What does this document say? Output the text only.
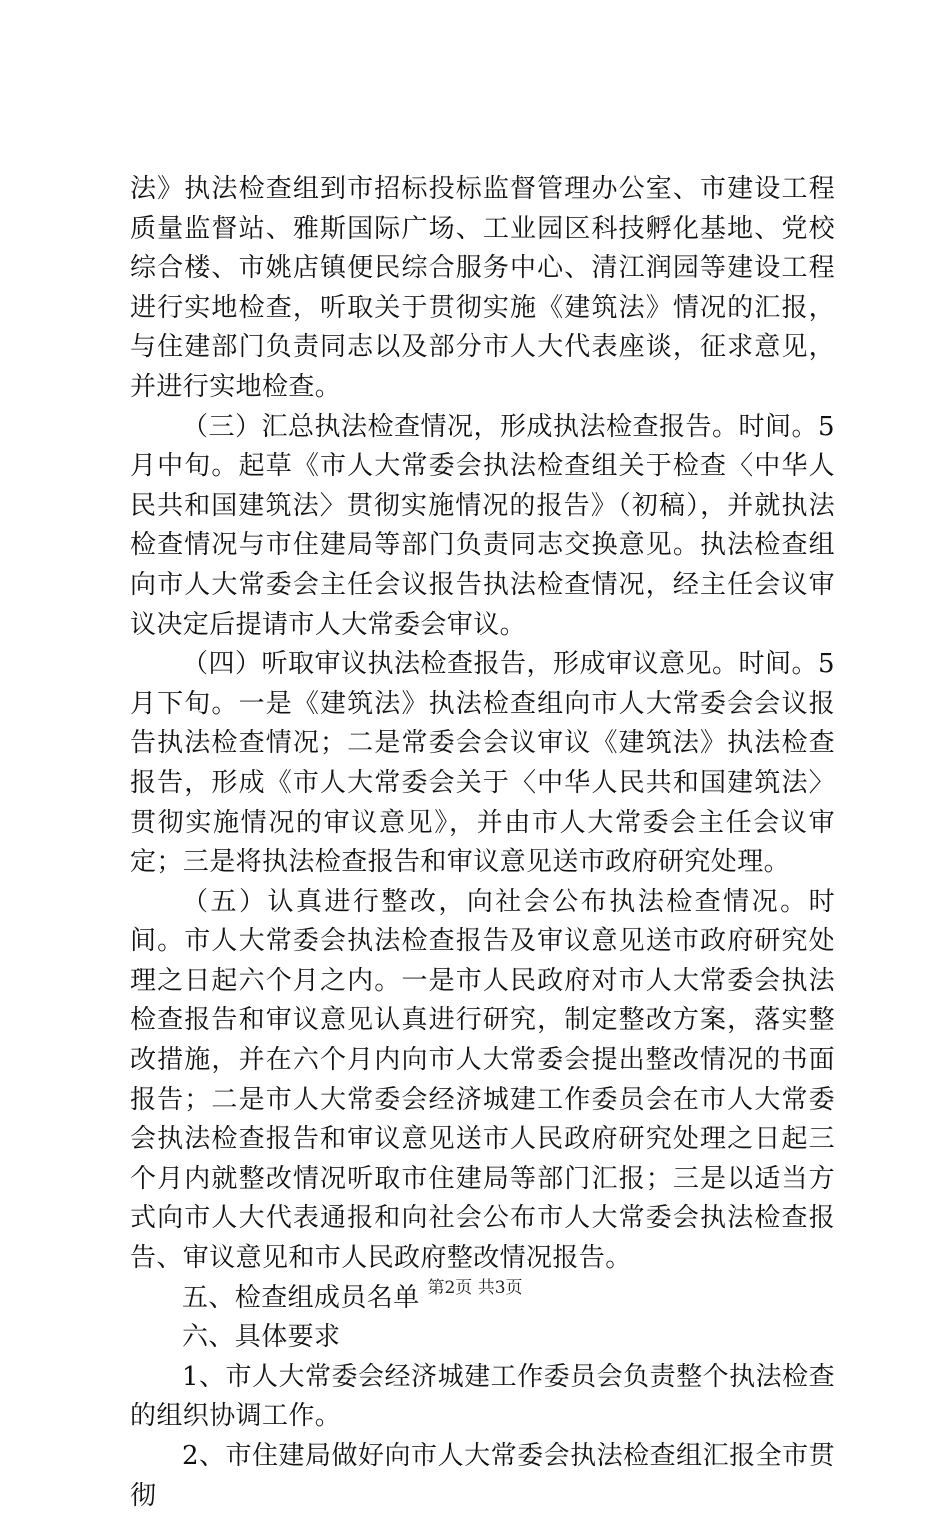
法》执法检查组到市招标投标监督管理办公室、市建设工程质量监督站、雅斯国际广场、工业园区科技孵化基地、党校综合楼、市姚店镇便民综合服务中心、清江润园等建设工程进行实地检查，听取关于贯彻实施《建筑法》情况的汇报，与住建部门负责同志以及部分市人大代表座谈，征求意见，并进行实地检查。

（三）汇总执法检查情况，形成执法检查报告。时间。5月中旬。起草《市人大常委会执法检查组关于检查〈中华人民共和国建筑法〉贯彻实施情况的报告》（初稿），并就执法检查情况与市住建局等部门负责同志交换意见。执法检查组向市人大常委会主任会议报告执法检查情况，经主任会议审议决定后提请市人大常委会审议。

（四）听取审议执法检查报告，形成审议意见。时间。5月下旬。一是《建筑法》执法检查组向市人大常委会会议报告执法检查情况；二是常委会会议审议《建筑法》执法检查报告，形成《市人大常委会关于〈中华人民共和国建筑法〉贯彻实施情况的审议意见》，并由市人大常委会主任会议审定；三是将执法检查报告和审议意见送市政府研究处理。

（五）认真进行整改，向社会公布执法检查情况。时间。市人大常委会执法检查报告及审议意见送市政府研究处理之日起六个月之内。一是市人民政府对市人大常委会执法检查报告和审议意见认真进行研究，制定整改方案，落实整改措施，并在六个月内向市人大常委会提出整改情况的书面报告；二是市人大常委会经济城建工作委员会在市人大常委会执法检查报告和审议意见送市人民政府研究处理之日起三个月内就整改情况听取市住建局等部门汇报；三是以适当方式向市人大代表通报和向社会公布市人大常委会执法检查报告、审议意见和市人民政府整改情况报告。

五、检查组成员名单

六、具体要求

1、市人大常委会经济城建工作委员会负责整个执法检查的组织协调工作。

2、市住建局做好向市人大常委会执法检查组汇报全市贯彻

第2页 共3页
